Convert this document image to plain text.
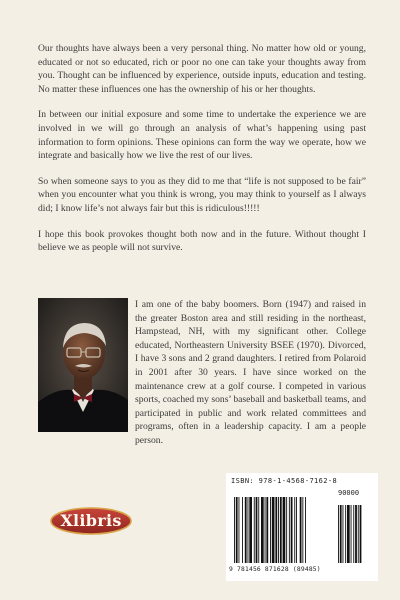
Our thoughts have always been a very personal thing. No matter how old or young, educated or not so educated, rich or poor no one can take your thoughts away from you. Thought can be influenced by experience, outside inputs, education and testing. No matter these influences one has the ownership of his or her thoughts.

In between our initial exposure and some time to undertake the experience we are involved in we will go through an analysis of what’s happening using past information to form opinions. These opinions can form the way we operate, how we integrate and basically how we live the rest of our lives.

So when someone says to you as they did to me that “life is not supposed to be fair” when you encounter what you think is wrong, you may think to yourself as I always did; I know life’s not always fair but this is ridiculous!!!!!

I hope this book provokes thought both now and in the future. Without thought I believe we as people will not survive.

I am one of the baby boomers. Born (1947) and raised in the greater Boston area and still residing in the northeast, Hampstead, NH, with my significant other. College educated, Northeastern University BSEE (1970). Divorced, I have 3 sons and 2 grand daughters. I retired from Polaroid in 2001 after 30 years. I have since worked on the maintenance crew at a golf course. I competed in various sports, coached my sons’ baseball and basketball teams, and participated in public and work related committees and programs, often in a leadership capacity. I am a people person.
Xlibris
ISBN: 978-1-4568-7162-8
90000
9 781456 871628 (89485)
